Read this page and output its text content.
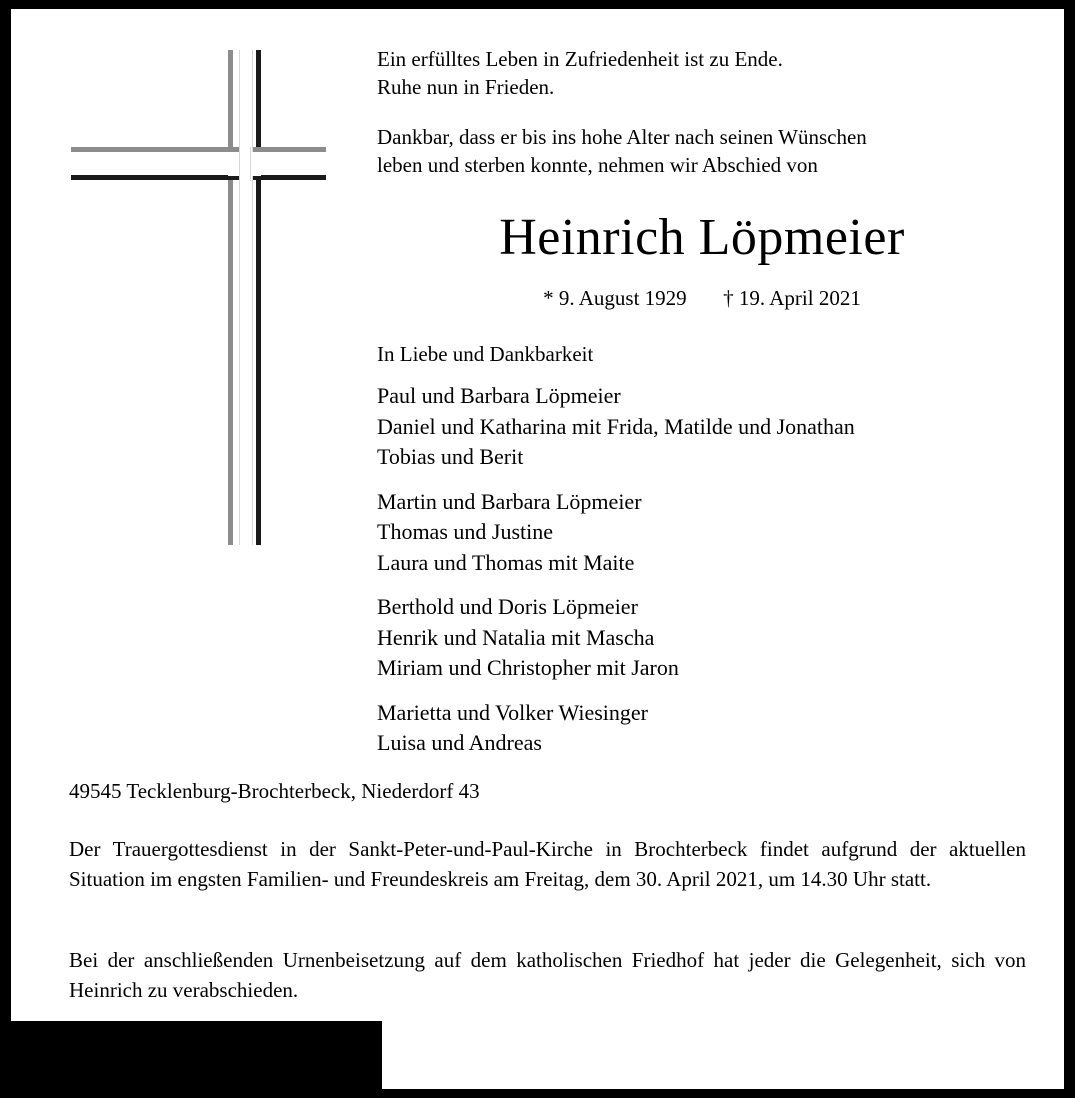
Ein erfülltes Leben in Zufriedenheit ist zu Ende.

Ruhe nun in Frieden.

Dankbar, dass er bis ins hohe Alter nach seinen Wünschen

leben und sterben konnte, nehmen wir Abschied von

Heinrich Löpmeier
* 9. August 1929 † 19. April 2021
In Liebe und Dankbarkeit
Paul und Barbara Löpmeier
Daniel und Katharina mit Frida, Matilde und Jonathan
Tobias und Berit
Martin und Barbara Löpmeier
Thomas und Justine
Laura und Thomas mit Maite
Berthold und Doris Löpmeier
Henrik und Natalia mit Mascha
Miriam und Christopher mit Jaron
Marietta und Volker Wiesinger
Luisa und Andreas
49545 Tecklenburg-Brochterbeck, Niederdorf 43

Der Trauergottesdienst in der Sankt-Peter-und-Paul-Kirche in Brochterbeck findet aufgrund der aktuellen Situation im engsten Familien- und Freundeskreis am Freitag, dem 30. April 2021, um 14.30 Uhr statt.

Bei der anschließenden Urnenbeisetzung auf dem katholischen Friedhof hat jeder die Gelegenheit, sich von Heinrich zu verabschieden.
